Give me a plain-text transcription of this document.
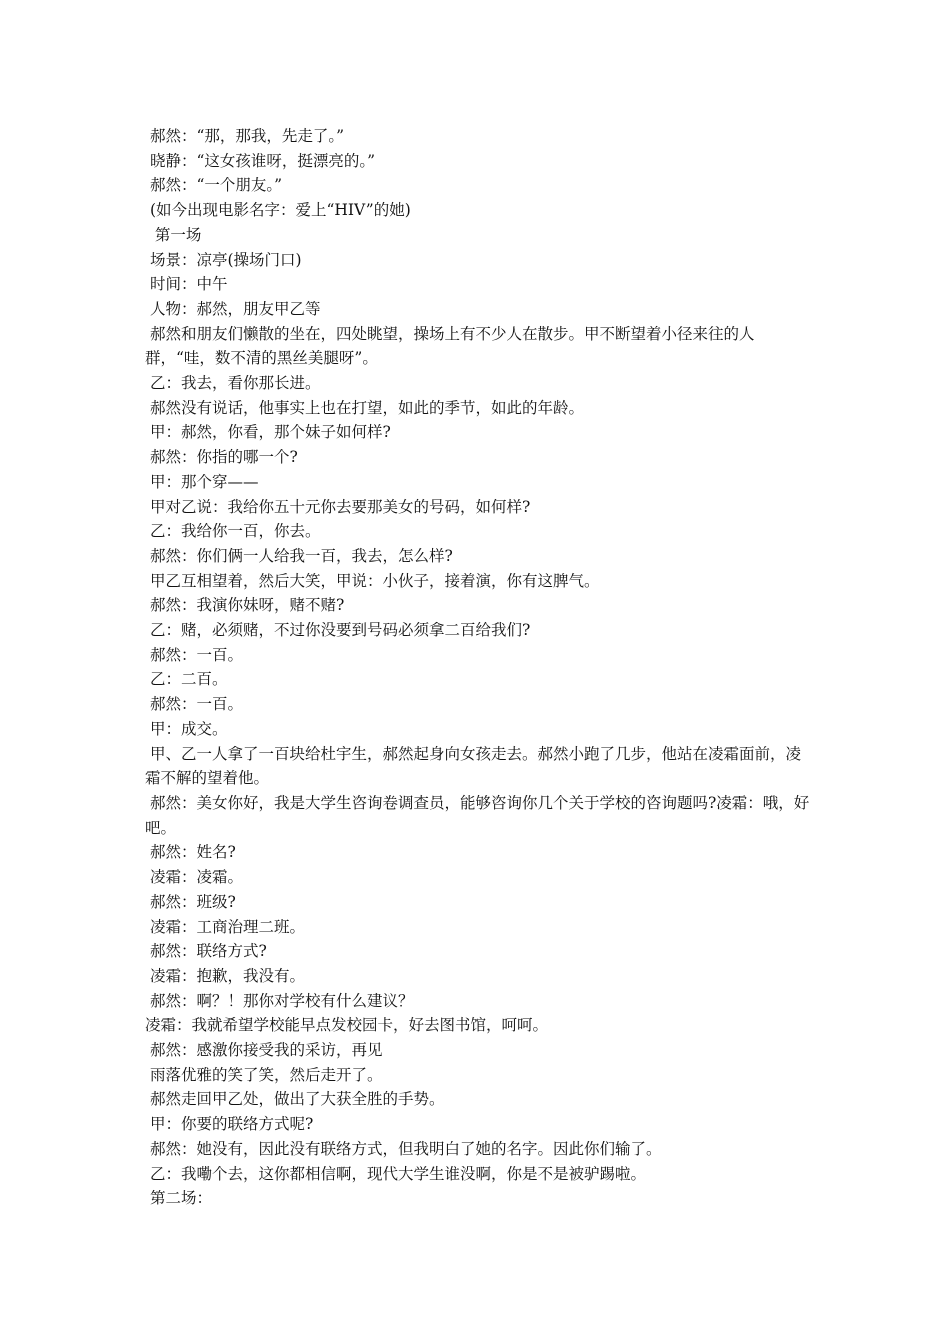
郝然：“那，那我，先走了。”

晓静：“这女孩谁呀，挺漂亮的。”

郝然：“一个朋友。”

(如今出现电影名字：爱上“HIV”的她)

第一场

场景：凉亭(操场门口)

时间：中午

人物：郝然，朋友甲乙等

郝然和朋友们懒散的坐在，四处眺望，操场上有不少人在散步。甲不断望着小径来往的人群，“哇，数不清的黑丝美腿呀”。

乙：我去，看你那长进。

郝然没有说话，他事实上也在打望，如此的季节，如此的年龄。

甲：郝然，你看，那个妹子如何样?

郝然：你指的哪一个?

甲：那个穿——

甲对乙说：我给你五十元你去要那美女的号码，如何样?

乙：我给你一百，你去。

郝然：你们俩一人给我一百，我去，怎么样?

甲乙互相望着，然后大笑，甲说：小伙子，接着演，你有这脾气。

郝然：我演你妹呀，赌不赌?

乙：赌，必须赌，不过你没要到号码必须拿二百给我们?

郝然：一百。

乙：二百。

郝然：一百。

甲：成交。

甲、乙一人拿了一百块给杜宇生，郝然起身向女孩走去。郝然小跑了几步，他站在凌霜面前，凌霜不解的望着他。

郝然：美女你好，我是大学生咨询卷调查员，能够咨询你几个关于学校的咨询题吗?凌霜：哦，好吧。

郝然：姓名?

凌霜：凌霜。

郝然：班级?

凌霜：工商治理二班。

郝然：联络方式?

凌霜：抱歉，我没有。

郝然：啊？！那你对学校有什么建议？

凌霜：我就希望学校能早点发校园卡，好去图书馆，呵呵。

郝然：感激你接受我的采访，再见

雨落优雅的笑了笑，然后走开了。

郝然走回甲乙处，做出了大获全胜的手势。

甲：你要的联络方式呢?

郝然：她没有，因此没有联络方式，但我明白了她的名字。因此你们输了。

乙：我嘞个去，这你都相信啊，现代大学生谁没啊，你是不是被驴踢啦。

第二场：
